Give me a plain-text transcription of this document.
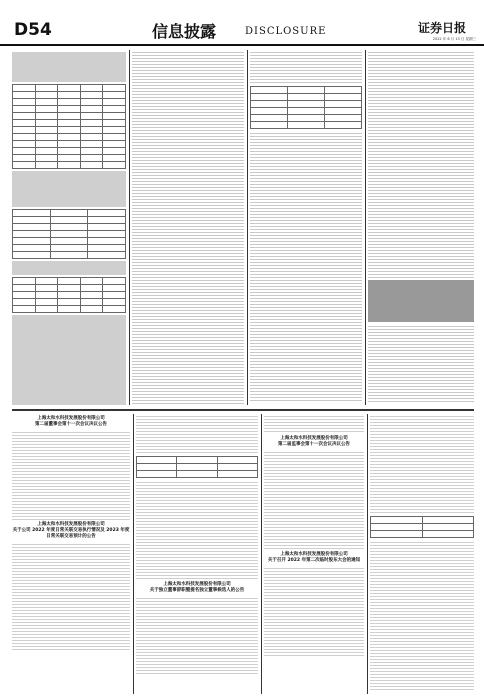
D54	信息披露	DISCLOSURE	证券日报
2022 年 6 月 13 日 星期三

上海太和水科技发展股份有限公司
第二届董事会第十一次会议决议公告
上海太和水科技发展股份有限公司
关于公司 2022 年度日常关联交易执行情况及 2023 年度日常关联交易预计的公告

上海太和水科技发展股份有限公司
关于独立董事辞职暨提名独立董事候选人的公告
上海太和水科技发展股份有限公司
第二届监事会第十一次会议决议公告
上海太和水科技发展股份有限公司
关于召开 2022 年第二次临时股东大会的通知
